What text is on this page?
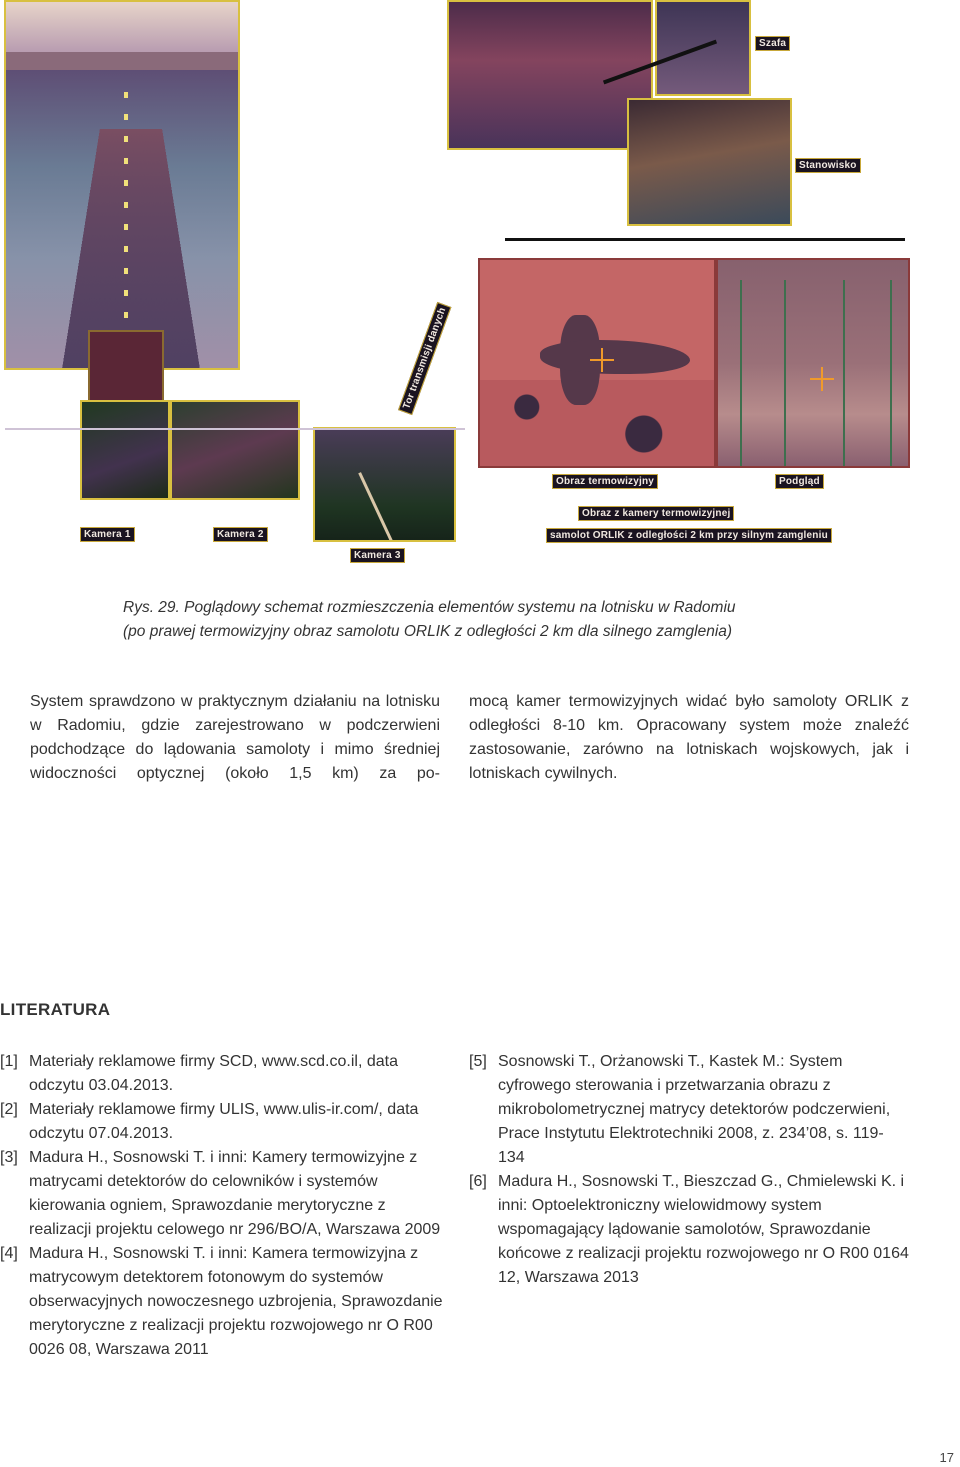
Szafa
Stanowisko
Tor transmisji danych
Obraz termowizyjny	Podgląd
Obraz z kamery termowizyjnej
samolot ORLIK z odległości 2 km przy silnym zamgleniu
Kamera 1	Kamera 2
Kamera 3
Rys. 29. Poglądowy schemat rozmieszczenia elementów systemu na lotnisku w Radomiu
(po prawej termowizyjny obraz samolotu ORLIK z odległości 2 km dla silnego zamglenia)
System sprawdzono w praktycznym działaniu na lotnisku w Radomiu, gdzie zarejestrowano w podczerwieni podchodzące do lądowania samoloty i mimo średniej widoczności optycznej (około 1,5 km) za po-
mocą kamer termowizyjnych widać było samoloty ORLIK z odległości 8-10 km. Opracowany system może znaleźć zastosowanie, zarówno na lotniskach wojskowych, jak i lotniskach cywilnych.
LITERATURA
[1] Materiały reklamowe firmy SCD, www.scd.co.il, data odczytu 03.04.2013.
[2] Materiały reklamowe firmy ULIS, www.ulis-ir.com/, data odczytu 07.04.2013.
[3] Madura H., Sosnowski T. i inni: Kamery termowizyjne z matrycami detektorów do celowników i systemów kierowania ogniem, Sprawozdanie merytoryczne z realizacji projektu celowego nr 296/BO/A, Warszawa 2009
[4] Madura H., Sosnowski T. i inni: Kamera termowizyjna z matrycowym detektorem fotonowym do systemów obserwacyjnych nowoczesnego uzbrojenia, Sprawozdanie merytoryczne z realizacji projektu rozwojowego nr O R00 0026 08, Warszawa 2011
[5] Sosnowski T., Orżanowski T., Kastek M.: System cyfrowego sterowania i przetwarzania obrazu z mikrobolometrycznej matrycy detektorów podczerwieni, Prace Instytutu Elektrotechniki 2008, z. 234’08, s. 119-134
[6] Madura H., Sosnowski T., Bieszczad G., Chmielewski K. i inni: Optoelektroniczny wielowidmowy system wspomagający lądowanie samolotów, Sprawozdanie końcowe z realizacji projektu rozwojowego nr O R00 0164 12, Warszawa 2013
17
